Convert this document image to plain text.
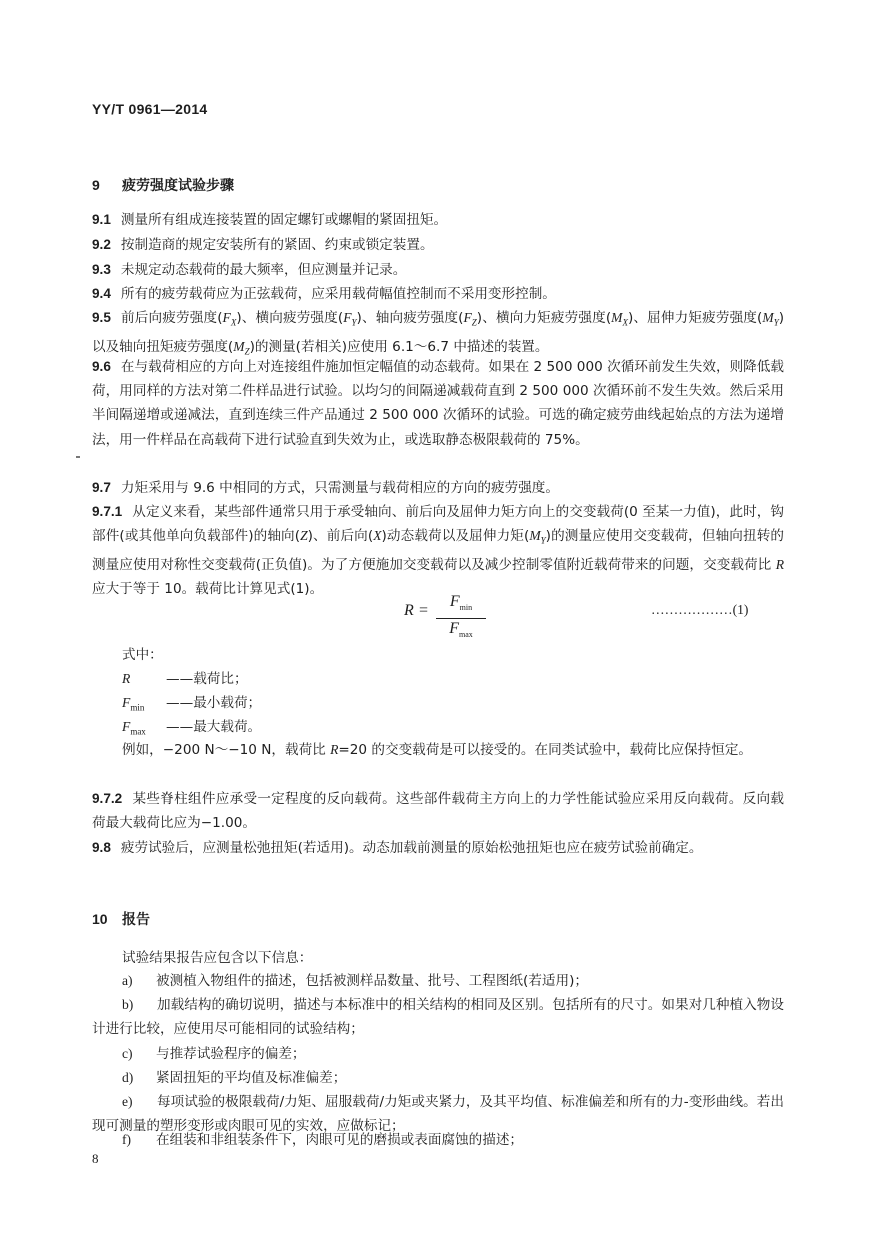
YY/T 0961—2014
9 疲劳强度试验步骤
9.1 测量所有组成连接装置的固定螺钉或螺帽的紧固扭矩。
9.2 按制造商的规定安装所有的紧固、约束或锁定装置。
9.3 未规定动态载荷的最大频率，但应测量并记录。
9.4 所有的疲劳载荷应为正弦载荷，应采用载荷幅值控制而不采用变形控制。
9.5 前后向疲劳强度$(F_X)$、横向疲劳强度$(F_Y)$、轴向疲劳强度$(F_Z)$、横向力矩疲劳强度$(M_X)$、屈伸力矩疲劳强度$(M_Y)$以及轴向扭矩疲劳强度$(M_Z)$的测量(若相关)应使用 6.1～6.7 中描述的装置。
9.6 在与载荷相应的方向上对连接组件施加恒定幅值的动态载荷。如果在 2 500 000 次循环前发生失效，则降低载荷，用同样的方法对第二件样品进行试验。以均匀的间隔递减载荷直到 2 500 000 次循环前不发生失效。然后采用半间隔递增或递减法，直到连续三件产品通过 2 500 000 次循环的试验。可选的确定疲劳曲线起始点的方法为递增法，用一件样品在高载荷下进行试验直到失效为止，或选取静态极限载荷的 75%。
9.7 力矩采用与 9.6 中相同的方式，只需测量与载荷相应的方向的疲劳强度。
9.7.1 从定义来看，某些部件通常只用于承受轴向、前后向及屈伸力矩方向上的交变载荷(0 至某一力值)，此时，钩部件(或其他单向负载部件)的轴向(Z)、前后向(X)动态载荷以及屈伸力矩$(M_Y)$的测量应使用交变载荷，但轴向扭转的测量应使用对称性交变载荷(正负值)。为了方便施加交变载荷以及减少控制零值附近载荷带来的问题，交变载荷比 R 应大于等于 10。载荷比计算见式(1)。
R =
$F_{min}$
$F_{max}$
………………(1)
式中：
R	——载荷比；
$F_{min}$ ——最小载荷；
$F_{max}$ ——最大载荷。
例如，−200 N～−10 N，载荷比 R=20 的交变载荷是可以接受的。在同类试验中，载荷比应保持恒定。
9.7.2 某些脊柱组件应承受一定程度的反向载荷。这些部件载荷主方向上的力学性能试验应采用反向载荷。反向载荷最大载荷比应为−1.00。
9.8 疲劳试验后，应测量松弛扭矩(若适用)。动态加载前测量的原始松弛扭矩也应在疲劳试验前确定。
10 报告
试验结果报告应包含以下信息：
a)	被测植入物组件的描述，包括被测样品数量、批号、工程图纸(若适用)；
b)	加载结构的确切说明，描述与本标准中的相关结构的相同及区别。包括所有的尺寸。如果对几种植入物设计进行比较，应使用尽可能相同的试验结构；
c)	与推荐试验程序的偏差；
d)	紧固扭矩的平均值及标准偏差；
e)	每项试验的极限载荷/力矩、屈服载荷/力矩或夹紧力，及其平均值、标准偏差和所有的力-变形曲线。若出现可测量的塑形变形或肉眼可见的实效，应做标记；
f)	在组装和非组装条件下，肉眼可见的磨损或表面腐蚀的描述；
8
